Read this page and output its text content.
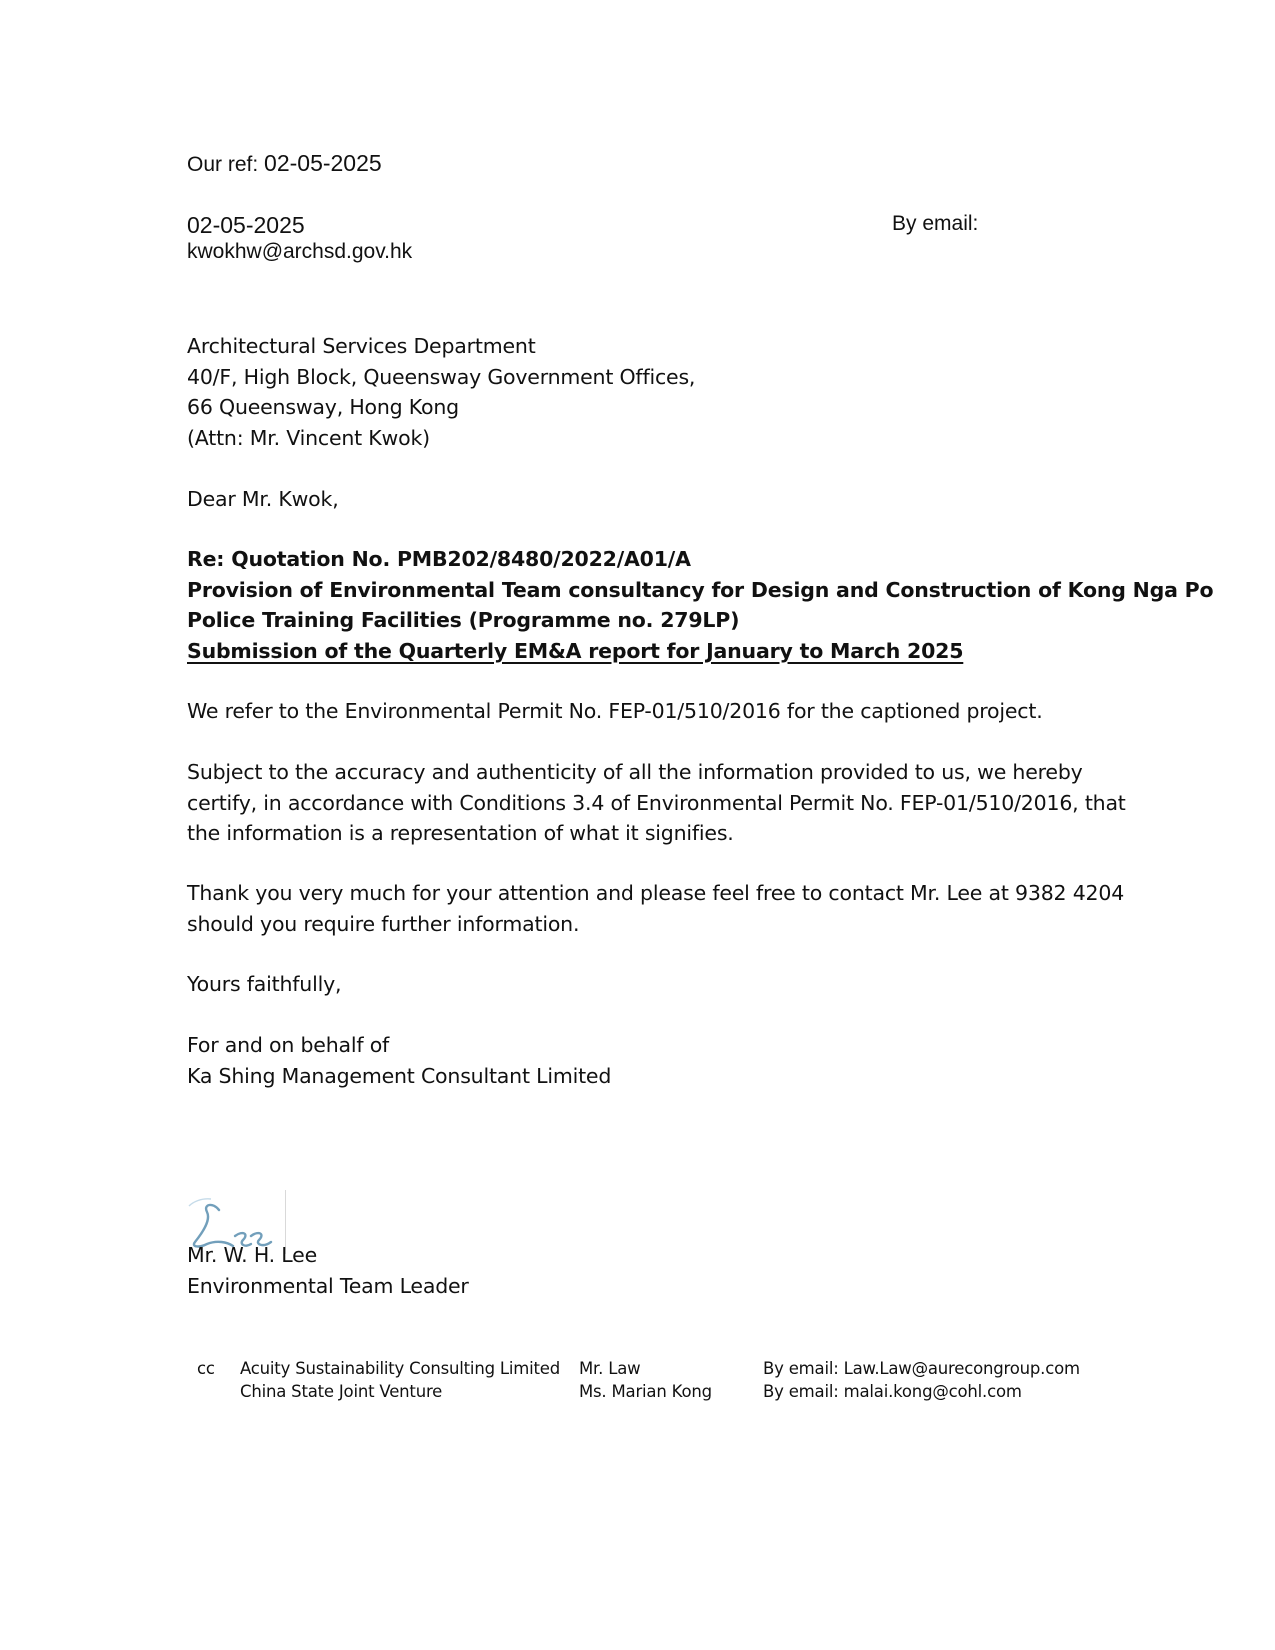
Our ref: 02-05-2025
02-05-2025	By email:
kwokhw@archsd.gov.hk
Architectural Services Department
40/F, High Block, Queensway Government Offices,
66 Queensway, Hong Kong
(Attn: Mr. Vincent Kwok)
Dear Mr. Kwok,
Re: Quotation No. PMB202/8480/2022/A01/A
Provision of Environmental Team consultancy for Design and Construction of Kong Nga Po
Police Training Facilities (Programme no. 279LP)
Submission of the Quarterly EM&A report for January to March 2025
We refer to the Environmental Permit No. FEP-01/510/2016 for the captioned project.
Subject to the accuracy and authenticity of all the information provided to us, we hereby
certify, in accordance with Conditions 3.4 of Environmental Permit No. FEP-01/510/2016, that
the information is a representation of what it signifies.
Thank you very much for your attention and please feel free to contact Mr. Lee at 9382 4204
should you require further information.
Yours faithfully,
For and on behalf of
Ka Shing Management Consultant Limited
Mr. W. H. Lee
Environmental Team Leader
cc	Acuity Sustainability Consulting Limited	Mr. Law	By email: Law.Law@aurecongroup.com
	China State Joint Venture	Ms. Marian Kong	By email: malai.kong@cohl.com
